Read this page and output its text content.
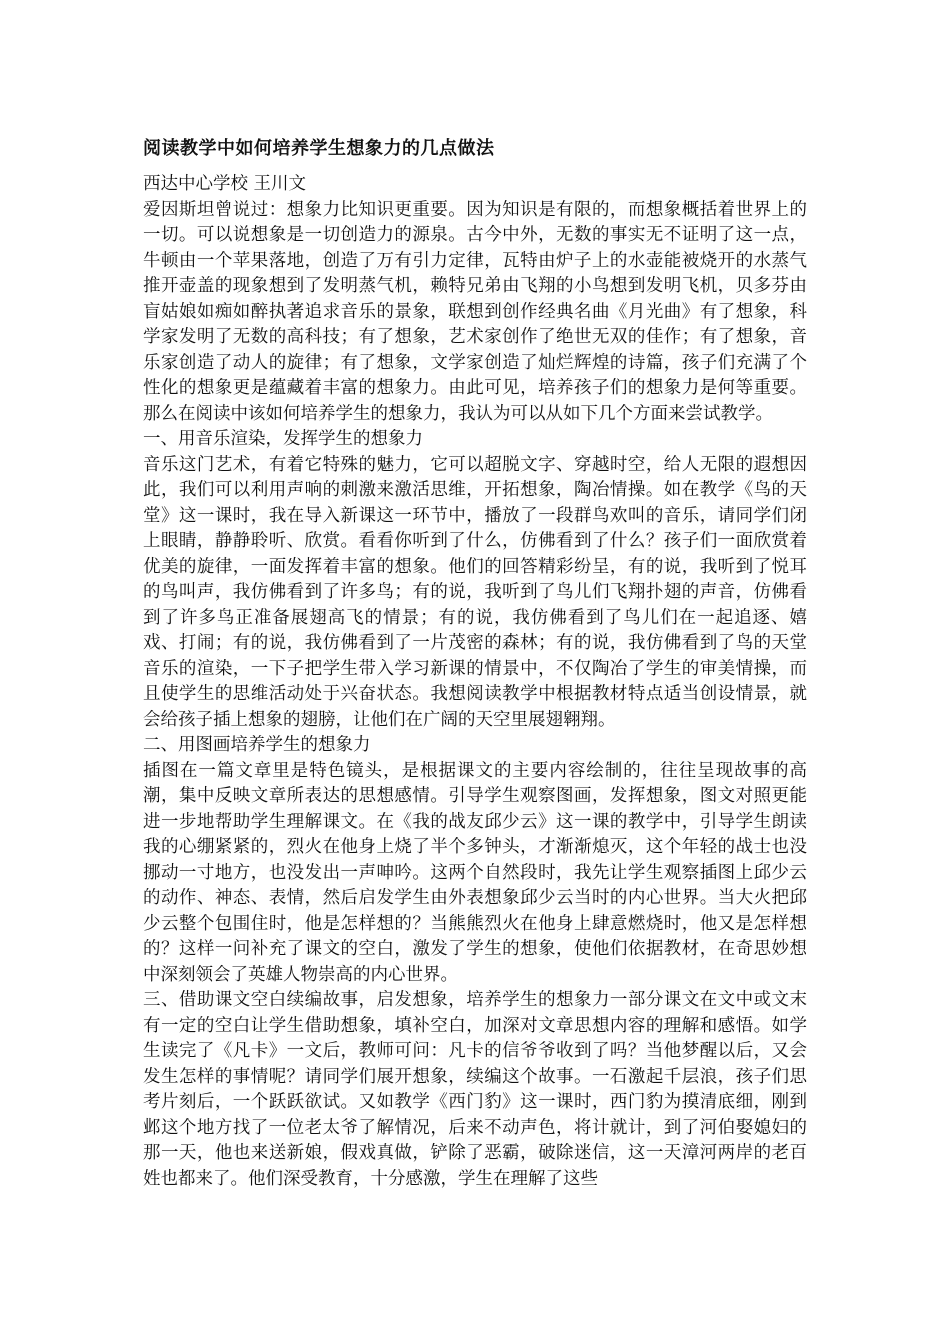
阅读教学中如何培养学生想象力的几点做法

西达中心学校 王川文

爱因斯坦曾说过：想象力比知识更重要。因为知识是有限的，而想象概括着世界上的一切。可以说想象是一切创造力的源泉。古今中外，无数的事实无不证明了这一点，牛顿由一个苹果落地，创造了万有引力定律，瓦特由炉子上的水壶能被烧开的水蒸气推开壶盖的现象想到了发明蒸气机，赖特兄弟由飞翔的小鸟想到发明飞机，贝多芬由盲姑娘如痴如醉执著追求音乐的景象，联想到创作经典名曲《月光曲》有了想象，科学家发明了无数的高科技；有了想象，艺术家创作了绝世无双的佳作；有了想象，音乐家创造了动人的旋律；有了想象，文学家创造了灿烂辉煌的诗篇，孩子们充满了个性化的想象更是蕴藏着丰富的想象力。由此可见，培养孩子们的想象力是何等重要。那么在阅读中该如何培养学生的想象力，我认为可以从如下几个方面来尝试教学。

一、用音乐渲染，发挥学生的想象力

音乐这门艺术，有着它特殊的魅力，它可以超脱文字、穿越时空，给人无限的遐想因此，我们可以利用声响的刺激来激活思维，开拓想象，陶冶情操。如在教学《鸟的天堂》这一课时，我在导入新课这一环节中，播放了一段群鸟欢叫的音乐，请同学们闭上眼睛，静静聆听、欣赏。看看你听到了什么，仿佛看到了什么？孩子们一面欣赏着优美的旋律，一面发挥着丰富的想象。他们的回答精彩纷呈，有的说，我听到了悦耳的鸟叫声，我仿佛看到了许多鸟；有的说，我听到了鸟儿们飞翔扑翅的声音，仿佛看到了许多鸟正准备展翅高飞的情景；有的说，我仿佛看到了鸟儿们在一起追逐、嬉戏、打闹；有的说，我仿佛看到了一片茂密的森林；有的说，我仿佛看到了鸟的天堂音乐的渲染，一下子把学生带入学习新课的情景中，不仅陶冶了学生的审美情操，而且使学生的思维活动处于兴奋状态。我想阅读教学中根据教材特点适当创设情景，就会给孩子插上想象的翅膀，让他们在广阔的天空里展翅翱翔。

二、用图画培养学生的想象力

插图在一篇文章里是特色镜头，是根据课文的主要内容绘制的，往往呈现故事的高潮，集中反映文章所表达的思想感情。引导学生观察图画，发挥想象，图文对照更能进一步地帮助学生理解课文。在《我的战友邱少云》这一课的教学中，引导学生朗读我的心绷紧紧的，烈火在他身上烧了半个多钟头，才渐渐熄灭，这个年轻的战士也没挪动一寸地方，也没发出一声呻吟。这两个自然段时，我先让学生观察插图上邱少云的动作、神态、表情，然后启发学生由外表想象邱少云当时的内心世界。当大火把邱少云整个包围住时，他是怎样想的？当熊熊烈火在他身上肆意燃烧时，他又是怎样想的？这样一问补充了课文的空白，激发了学生的想象，使他们依据教材，在奇思妙想中深刻领会了英雄人物崇高的内心世界。

三、借助课文空白续编故事，启发想象，培养学生的想象力一部分课文在文中或文末有一定的空白让学生借助想象，填补空白，加深对文章思想内容的理解和感悟。如学生读完了《凡卡》一文后，教师可问：凡卡的信爷爷收到了吗？当他梦醒以后，又会发生怎样的事情呢？请同学们展开想象，续编这个故事。一石激起千层浪，孩子们思考片刻后，一个跃跃欲试。又如教学《西门豹》这一课时，西门豹为摸清底细，刚到邺这个地方找了一位老太爷了解情况，后来不动声色，将计就计，到了河伯娶媳妇的那一天，他也来送新娘，假戏真做，铲除了恶霸，破除迷信，这一天漳河两岸的老百姓也都来了。他们深受教育，十分感激，学生在理解了这些
